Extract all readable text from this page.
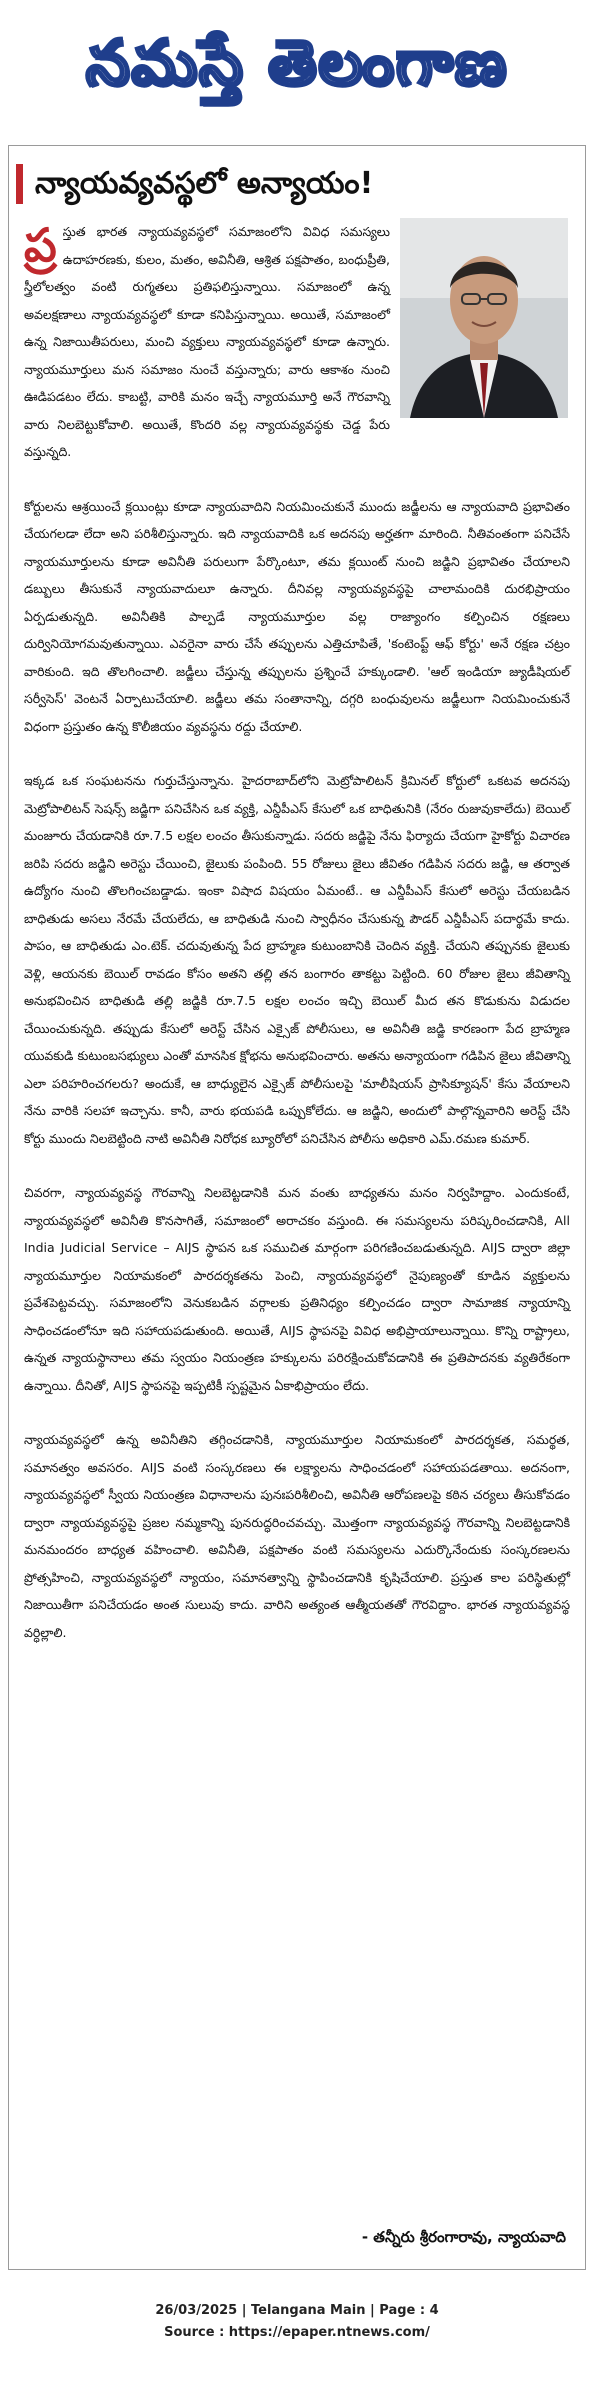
నమస్తే తెలంగాణ
న్యాయవ్యవస్థలో అన్యాయం!

ప్ర స్తుత భారత న్యాయవ్యవస్థలో సమాజంలోని వివిధ సమస్యలు ఉదాహరణకు, కులం, మతం, అవినీతి, ఆశ్రిత పక్షపాతం, బంధుప్రీతి, స్త్రీలోలత్వం వంటి రుగ్మతలు ప్రతిఫలిస్తున్నాయి. సమాజంలో ఉన్న అవలక్షణాలు న్యాయవ్యవస్థలో కూడా కనిపిస్తున్నాయి. అయితే, సమాజంలో ఉన్న నిజాయితీపరులు, మంచి వ్యక్తులు న్యాయవ్యవస్థలో కూడా ఉన్నారు. న్యాయమూర్తులు మన సమాజం నుంచే వస్తున్నారు; వారు ఆకాశం నుంచి ఊడిపడటం లేదు. కాబట్టి, వారికి మనం ఇచ్చే న్యాయమూర్తి అనే గౌరవాన్ని వారు నిలబెట్టుకోవాలి. అయితే, కొందరి వల్ల న్యాయవ్యవస్థకు చెడ్డ పేరు వస్తున్నది.

కోర్టులను ఆశ్రయించే క్లయింట్లు కూడా న్యాయవాదిని నియమించుకునే ముందు జడ్జీలను ఆ న్యాయవాది ప్రభావితం చేయగలడా లేదా అని పరిశీలిస్తున్నారు. ఇది న్యాయవాదికి ఒక అదనపు అర్హతగా మారింది. నీతివంతంగా పనిచేసే న్యాయమూర్తులను కూడా అవినీతి పరులుగా పేర్కొంటూ, తమ క్లయింట్ నుంచి జడ్జిని ప్రభావితం చేయాలని డబ్బులు తీసుకునే న్యాయవాదులూ ఉన్నారు. దీనివల్ల న్యాయవ్యవస్థపై చాలామందికి దురభిప్రాయం ఏర్పడుతున్నది. అవినీతికి పాల్పడే న్యాయమూర్తుల వల్ల రాజ్యాంగం కల్పించిన రక్షణలు దుర్వినియోగమవుతున్నాయి. ఎవరైనా వారు చేసే తప్పులను ఎత్తిచూపితే, 'కంటెంప్ట్ ఆఫ్ కోర్టు' అనే రక్షణ చట్రం వారికుంది. ఇది తొలగించాలి. జడ్జీలు చేస్తున్న తప్పులను ప్రశ్నించే హక్కుండాలి. 'ఆల్ ఇండియా జ్యుడీషియల్ సర్వీసెస్' వెంటనే ఏర్పాటుచేయాలి. జడ్జీలు తమ సంతానాన్ని, దగ్గరి బంధువులను జడ్జీలుగా నియమించుకునే విధంగా ప్రస్తుతం ఉన్న కొలీజియం వ్యవస్థను రద్దు చేయాలి.

ఇక్కడ ఒక సంఘటనను గుర్తుచేస్తున్నాను. హైదరాబాద్‌లోని మెట్రోపాలిటన్ క్రిమినల్ కోర్టులో ఒకటవ అదనపు మెట్రోపాలిటన్ సెషన్స్ జడ్జిగా పనిచేసిన ఒక వ్యక్తి, ఎన్డీపీఎస్ కేసులో ఒక బాధితునికి (నేరం రుజువుకాలేదు) బెయిల్ మంజూరు చేయడానికి రూ.7.5 లక్షల లంచం తీసుకున్నాడు. సదరు జడ్జిపై నేను ఫిర్యాదు చేయగా హైకోర్టు విచారణ జరిపి సదరు జడ్జిని అరెస్టు చేయించి, జైలుకు పంపింది. 55 రోజులు జైలు జీవితం గడిపిన సదరు జడ్జి, ఆ తర్వాత ఉద్యోగం నుంచి తొలగించబడ్డాడు. ఇంకా విషాద విషయం ఏమంటే.. ఆ ఎన్డీపీఎస్ కేసులో అరెస్టు చేయబడిన బాధితుడు అసలు నేరమే చేయలేదు, ఆ బాధితుడి నుంచి స్వాధీనం చేసుకున్న పౌడర్ ఎన్డీపీఎస్ పదార్థమే కాదు. పాపం, ఆ బాధితుడు ఎం.టెక్. చదువుతున్న పేద బ్రాహ్మణ కుటుంబానికి చెందిన వ్యక్తి. చేయని తప్పునకు జైలుకు వెళ్లి, ఆయనకు బెయిల్ రావడం కోసం అతని తల్లి తన బంగారం తాకట్టు పెట్టింది. 60 రోజుల జైలు జీవితాన్ని అనుభవించిన బాధితుడి తల్లి జడ్జికి రూ.7.5 లక్షల లంచం ఇచ్చి బెయిల్ మీద తన కొడుకును విడుదల చేయించుకున్నది. తప్పుడు కేసులో అరెస్ట్ చేసిన ఎక్సైజ్ పోలీసులు, ఆ అవినీతి జడ్జి కారణంగా పేద బ్రాహ్మణ యువకుడి కుటుంబసభ్యులు ఎంతో మానసిక క్షోభను అనుభవించారు. అతను అన్యాయంగా గడిపిన జైలు జీవితాన్ని ఎలా పరిహరించగలరు? అందుకే, ఆ బాధ్యులైన ఎక్సైజ్ పోలీసులపై 'మాలీషియస్ ప్రాసిక్యూషన్' కేసు వేయాలని నేను వారికి సలహా ఇచ్చాను. కానీ, వారు భయపడి ఒప్పుకోలేదు. ఆ జడ్జిని, అందులో పాల్గొన్నవారిని అరెస్ట్ చేసి కోర్టు ముందు నిలబెట్టింది నాటి అవినీతి నిరోధక బ్యూరోలో పనిచేసిన పోలీసు అధికారి ఎమ్.రమణ కుమార్.

చివరగా, న్యాయవ్యవస్థ గౌరవాన్ని నిలబెట్టడానికి మన వంతు బాధ్యతను మనం నిర్వహిద్దాం. ఎందుకంటే, న్యాయవ్యవస్థలో అవినీతి కొనసాగితే, సమాజంలో అరాచకం వస్తుంది. ఈ సమస్యలను పరిష్కరించడానికి, All India Judicial Service – AIJS స్థాపన ఒక సముచిత మార్గంగా పరిగణించబడుతున్నది. AIJS ద్వారా జిల్లా న్యాయమూర్తుల నియామకంలో పారదర్శకతను పెంచి, న్యాయవ్యవస్థలో నైపుణ్యంతో కూడిన వ్యక్తులను ప్రవేశపెట్టవచ్చు. సమాజంలోని వెనుకబడిన వర్గాలకు ప్రతినిధ్యం కల్పించడం ద్వారా సామాజిక న్యాయాన్ని సాధించడంలోనూ ఇది సహాయపడుతుంది. అయితే, AIJS స్థాపనపై వివిధ అభిప్రాయాలున్నాయి. కొన్ని రాష్ట్రాలు, ఉన్నత న్యాయస్థానాలు తమ స్వయం నియంత్రణ హక్కులను పరిరక్షించుకోవడానికి ఈ ప్రతిపాదనకు వ్యతిరేకంగా ఉన్నాయి. దీనితో, AIJS స్థాపనపై ఇప్పటికీ స్పష్టమైన ఏకాభిప్రాయం లేదు.

న్యాయవ్యవస్థలో ఉన్న అవినీతిని తగ్గించడానికి, న్యాయమూర్తుల నియామకంలో పారదర్శకత, సమర్థత, సమానత్వం అవసరం. AIJS వంటి సంస్కరణలు ఈ లక్ష్యాలను సాధించడంలో సహాయపడతాయి. అదనంగా, న్యాయవ్యవస్థలో స్వీయ నియంత్రణ విధానాలను పునఃపరిశీలించి, అవినీతి ఆరోపణలపై కఠిన చర్యలు తీసుకోవడం ద్వారా న్యాయవ్యవస్థపై ప్రజల నమ్మకాన్ని పునరుద్ధరించవచ్చు. మొత్తంగా న్యాయవ్యవస్థ గౌరవాన్ని నిలబెట్టడానికి మనమందరం బాధ్యత వహించాలి. అవినీతి, పక్షపాతం వంటి సమస్యలను ఎదుర్కొనేందుకు సంస్కరణలను ప్రోత్సహించి, న్యాయవ్యవస్థలో న్యాయం, సమానత్వాన్ని స్థాపించడానికి కృషిచేయాలి. ప్రస్తుత కాల పరిస్థితుల్లో నిజాయితీగా పనిచేయడం అంత సులువు కాదు. వారిని అత్యంత ఆత్మీయతతో గౌరవిద్దాం. భారత న్యాయవ్యవస్థ వర్ధిల్లాలి.

- తన్నీరు శ్రీరంగారావు, న్యాయవాది
26/03/2025 | Telangana Main | Page : 4
Source : https://epaper.ntnews.com/
